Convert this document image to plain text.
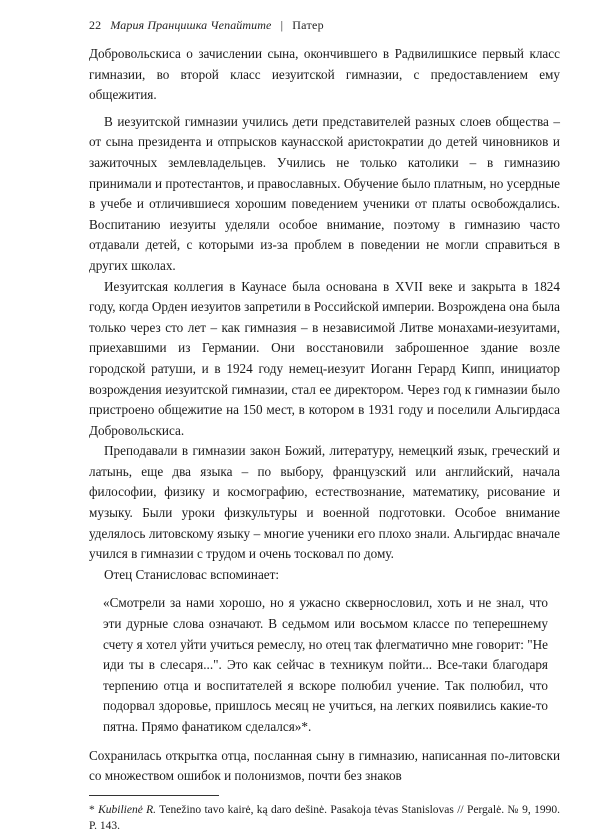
22 Мария Пранцишка Чепайтите | Патер

Добровольскиса о зачислении сына, окончившего в Радвилишкисе первый класс гимназии, во второй класс иезуитской гимназии, с предоставлением ему общежития.

В иезуитской гимназии учились дети представителей разных слоев общества – от сына президента и отпрысков каунасской аристократии до детей чиновников и зажиточных землевладельцев. Учились не только католики – в гимназию принимали и протестантов, и православных. Обучение было платным, но усердные в учебе и отличившиеся хорошим поведением ученики от платы освобождались. Воспитанию иезуиты уделяли особое внимание, поэтому в гимназию часто отдавали детей, с которыми из-за проблем в поведении не могли справиться в других школах.

Иезуитская коллегия в Каунасе была основана в XVII веке и закрыта в 1824 году, когда Орден иезуитов запретили в Российской империи. Возрождена она была только через сто лет – как гимназия – в независимой Литве монахами-иезуитами, приехавшими из Германии. Они восстановили заброшенное здание возле городской ратуши, и в 1924 году немец-иезуит Иоганн Герард Кипп, инициатор возрождения иезуитской гимназии, стал ее директором. Через год к гимназии было пристроено общежитие на 150 мест, в котором в 1931 году и поселили Альгирдаса Добровольскиса.

Преподавали в гимназии закон Божий, литературу, немецкий язык, греческий и латынь, еще два языка – по выбору, французский или английский, начала философии, физику и космографию, естествознание, математику, рисование и музыку. Были уроки физкультуры и военной подготовки. Особое внимание уделялось литовскому языку – многие ученики его плохо знали. Альгирдас вначале учился в гимназии с трудом и очень тосковал по дому.

Отец Станисловас вспоминает:

«Смотрели за нами хорошо, но я ужасно сквернословил, хоть и не знал, что эти дурные слова означают. В седьмом или восьмом классе по теперешнему счету я хотел уйти учиться ремеслу, но отец так флегматично мне говорит: "Не иди ты в слесаря...". Это как сейчас в техникум пойти... Все-таки благодаря терпению отца и воспитателей я вскоре полюбил учение. Так полюбил, что подорвал здоровье, пришлось месяц не учиться, на легких появились какие-то пятна. Прямо фанатиком сделался»*.

Сохранилась открытка отца, посланная сыну в гимназию, написанная по-литовски со множеством ошибок и полонизмов, почти без знаков

* Kubilienė R. Tenežino tavo kairė, ką daro dešinė. Pasakoja tėvas Stanislovas // Pergalė. № 9, 1990. P. 143.
